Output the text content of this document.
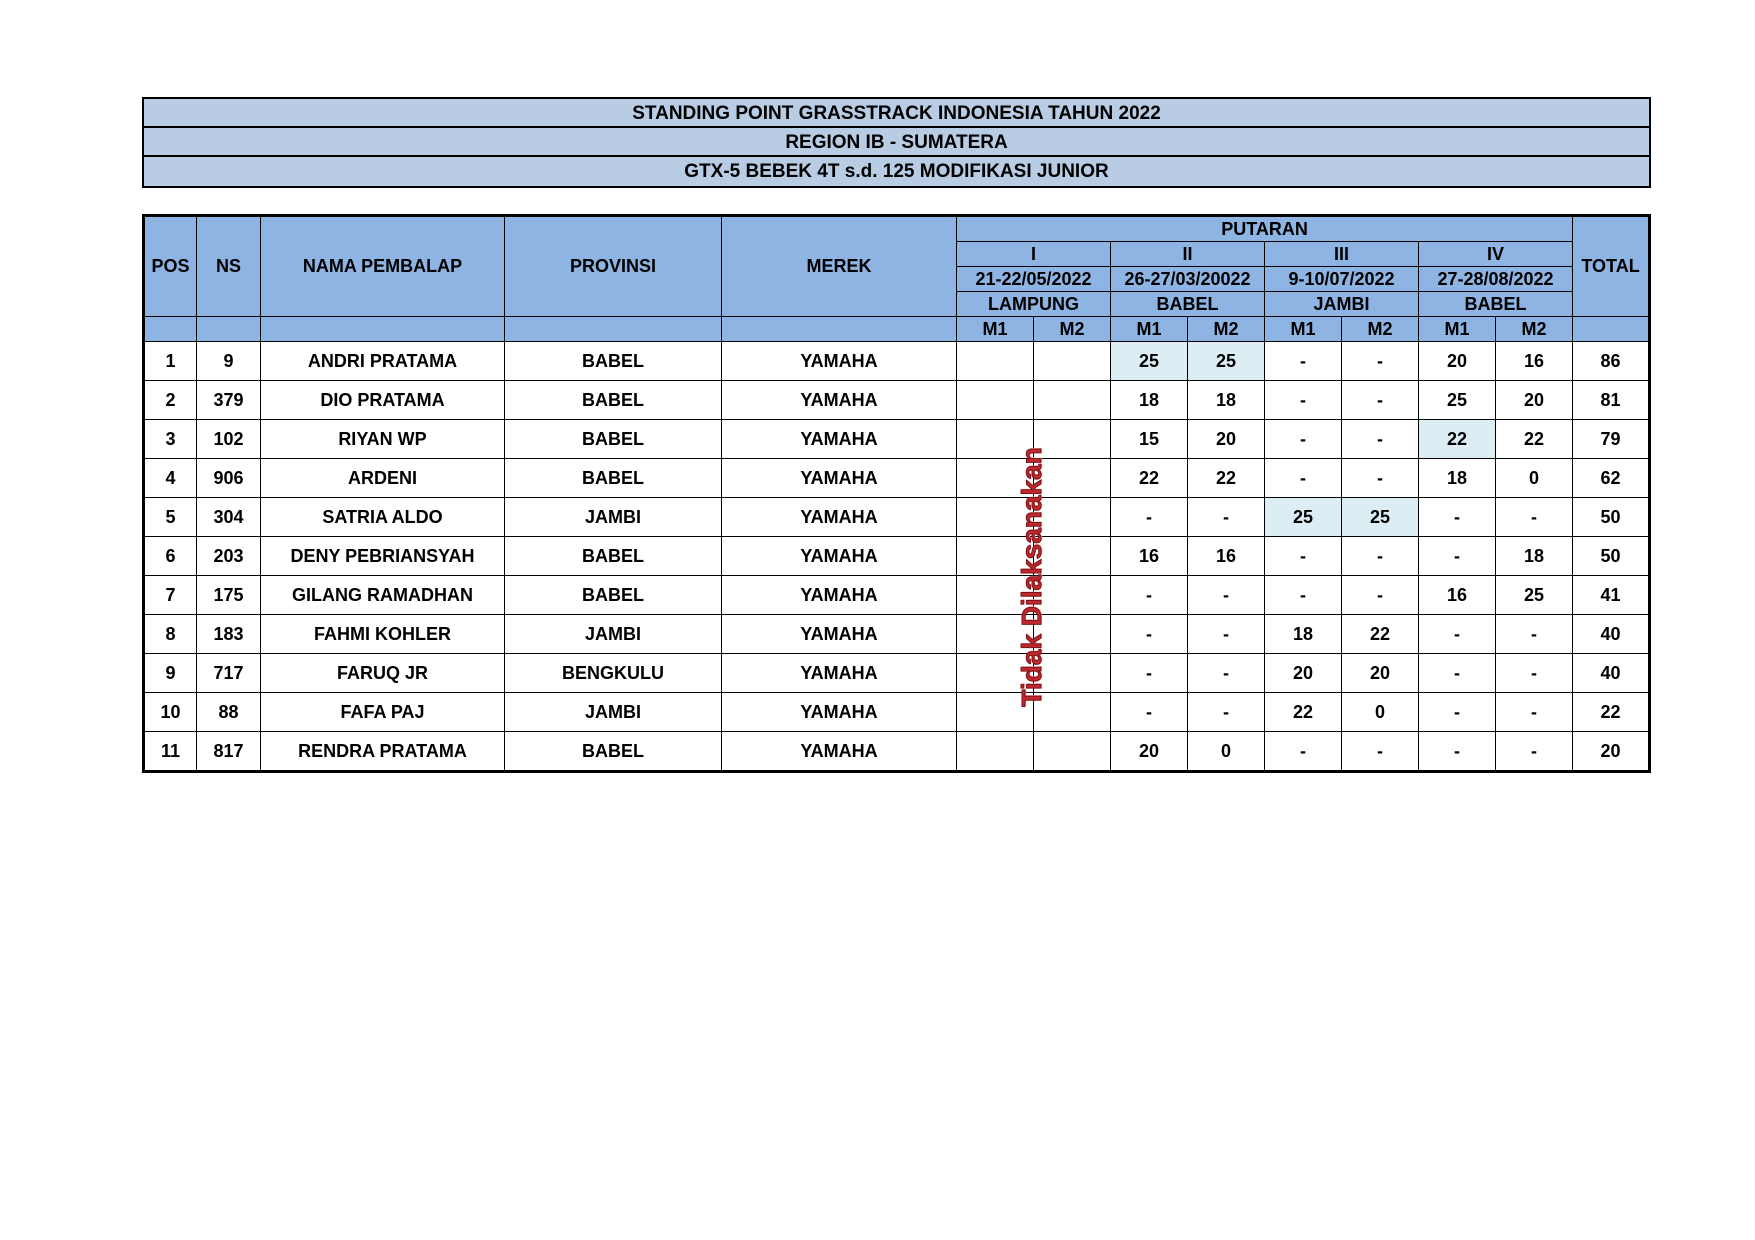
STANDING POINT GRASSTRACK INDONESIA TAHUN 2022
REGION IB - SUMATERA
GTX-5 BEBEK 4T s.d. 125 MODIFIKASI JUNIOR
POS	NS	NAMA PEMBALAP	PROVINSI	MEREK	PUTARAN								TOTAL
					I		II		III		IV		
					21-22/05/2022		26-27/03/20022		9-10/07/2022		27-28/08/2022		
					LAMPUNG		BABEL		JAMBI		BABEL		
					M1	M2	M1	M2	M1	M2	M1	M2	
1	9	ANDRI PRATAMA	BABEL	YAMAHA			25	25	-	-	20	16	86
2	379	DIO PRATAMA	BABEL	YAMAHA			18	18	-	-	25	20	81
3	102	RIYAN WP	BABEL	YAMAHA			15	20	-	-	22	22	79
4	906	ARDENI	BABEL	YAMAHA			22	22	-	-	18	0	62
5	304	SATRIA ALDO	JAMBI	YAMAHA			-	-	25	25	-	-	50
6	203	DENY PEBRIANSYAH	BABEL	YAMAHA			16	16	-	-	-	18	50
7	175	GILANG RAMADHAN	BABEL	YAMAHA			-	-	-	-	16	25	41
8	183	FAHMI KOHLER	JAMBI	YAMAHA			-	-	18	22	-	-	40
9	717	FARUQ JR	BENGKULU	YAMAHA			-	-	20	20	-	-	40
10	88	FAFA PAJ	JAMBI	YAMAHA			-	-	22	0	-	-	22
11	817	RENDRA PRATAMA	BABEL	YAMAHA			20	0	-	-	-	-	20
Tidak Dilaksanakan
